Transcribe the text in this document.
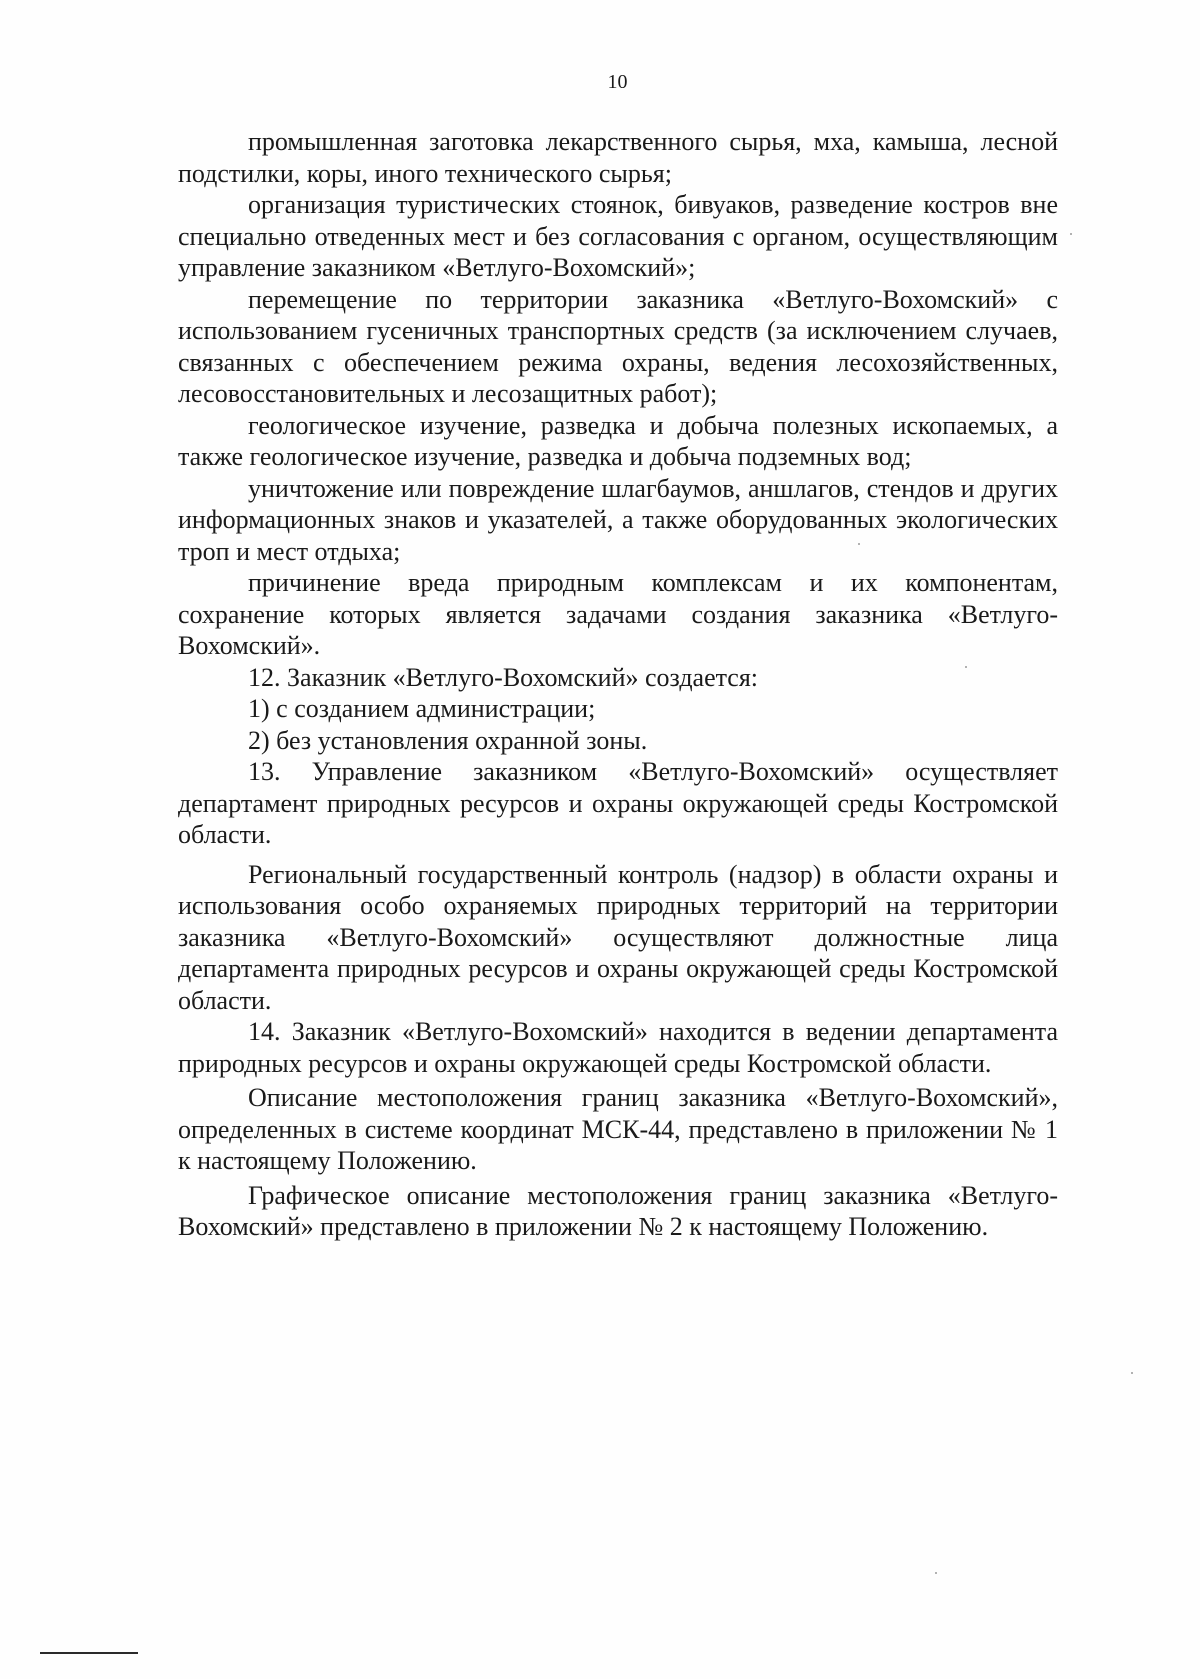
10

промышленная заготовка лекарственного сырья, мха, камыша, лесной подстилки, коры, иного технического сырья;

организация туристических стоянок, бивуаков, разведение костров вне специально отведенных мест и без согласования с органом, осуществляющим управление заказником «Ветлуго-Вохомский»;

перемещение по территории заказника «Ветлуго-Вохомский» с использованием гусеничных транспортных средств (за исключением случаев, связанных с обеспечением режима охраны, ведения лесохозяйственных, лесовосстановительных и лесозащитных работ);

геологическое изучение, разведка и добыча полезных ископаемых, а также геологическое изучение, разведка и добыча подземных вод;

уничтожение или повреждение шлагбаумов, аншлагов, стендов и других информационных знаков и указателей, а также оборудованных экологических троп и мест отдыха;

причинение вреда природным комплексам и их компонентам, сохранение которых является задачами создания заказника «Ветлуго-Вохомский».

12. Заказник «Ветлуго-Вохомский» создается:

1) с созданием администрации;

2) без установления охранной зоны.

13. Управление заказником «Ветлуго-Вохомский» осуществляет департамент природных ресурсов и охраны окружающей среды Костромской области.

Региональный государственный контроль (надзор) в области охраны и использования особо охраняемых природных территорий на территории заказника «Ветлуго-Вохомский» осуществляют должностные лица департамента природных ресурсов и охраны окружающей среды Костромской области.

14. Заказник «Ветлуго-Вохомский» находится в ведении департамента природных ресурсов и охраны окружающей среды Костромской области.

Описание местоположения границ заказника «Ветлуго-Вохомский», определенных в системе координат МСК-44, представлено в приложении № 1 к настоящему Положению.

Графическое описание местоположения границ заказника «Ветлуго-Вохомский» представлено в приложении № 2 к настоящему Положению.
